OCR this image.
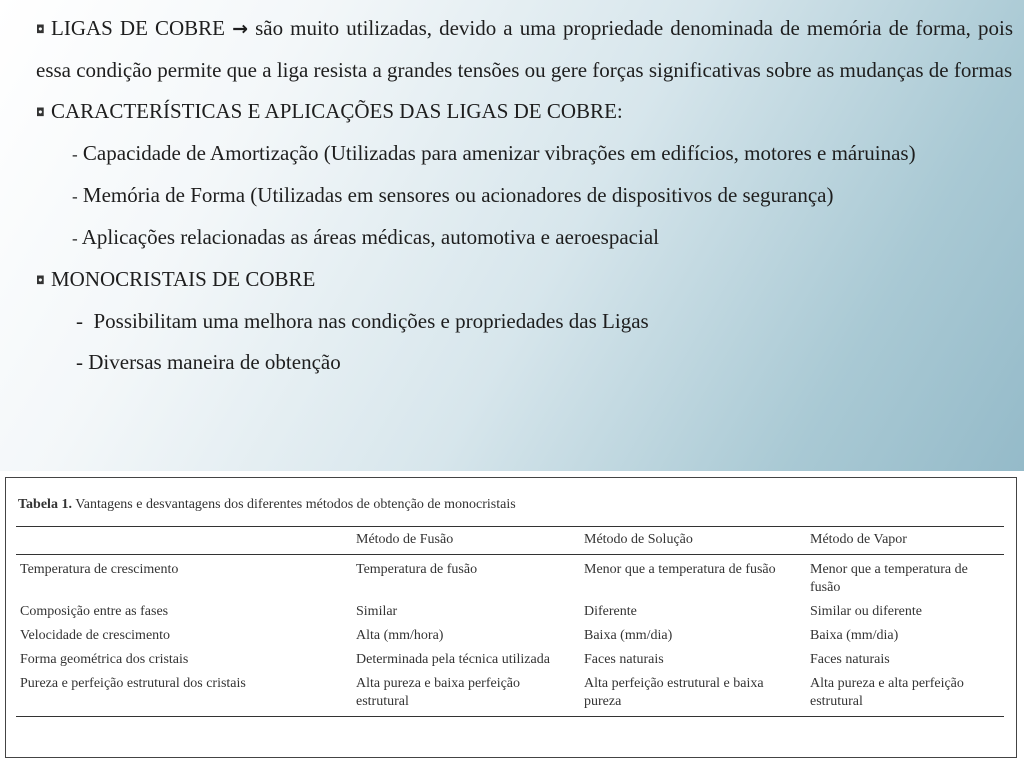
◘ LIGAS DE COBRE → são muito utilizadas, devido a uma propriedade denominada de memória de forma, pois essa condição permite que a liga resista a grandes tensões ou gere forças significativas sobre as mudanças de formas
◘ CARACTERÍSTICAS E APLICAÇÕES DAS LIGAS DE COBRE:
- Capacidade de Amortização (Utilizadas para amenizar vibrações em edifícios, motores e máruinas)
- Memória de Forma (Utilizadas em sensores ou acionadores de dispositivos de segurança)
- Aplicações relacionadas as áreas médicas, automotiva e aeroespacial
◘ MONOCRISTAIS DE COBRE
-  Possibilitam uma melhora nas condições e propriedades das Ligas
- Diversas maneira de obtenção
Tabela 1. Vantagens e desvantagens dos diferentes métodos de obtenção de monocristais
	Método de Fusão	Método de Solução	Método de Vapor
Temperatura de crescimento	Temperatura de fusão	Menor que a temperatura de fusão	Menor que a temperatura de fusão
Composição entre as fases	Similar	Diferente	Similar ou diferente
Velocidade de crescimento	Alta (mm/hora)	Baixa (mm/dia)	Baixa (mm/dia)
Forma geométrica dos cristais	Determinada pela técnica utilizada	Faces naturais	Faces naturais
Pureza e perfeição estrutural dos cristais	Alta pureza e baixa perfeição estrutural	Alta perfeição estrutural e baixa pureza	Alta pureza e alta perfeição estrutural
